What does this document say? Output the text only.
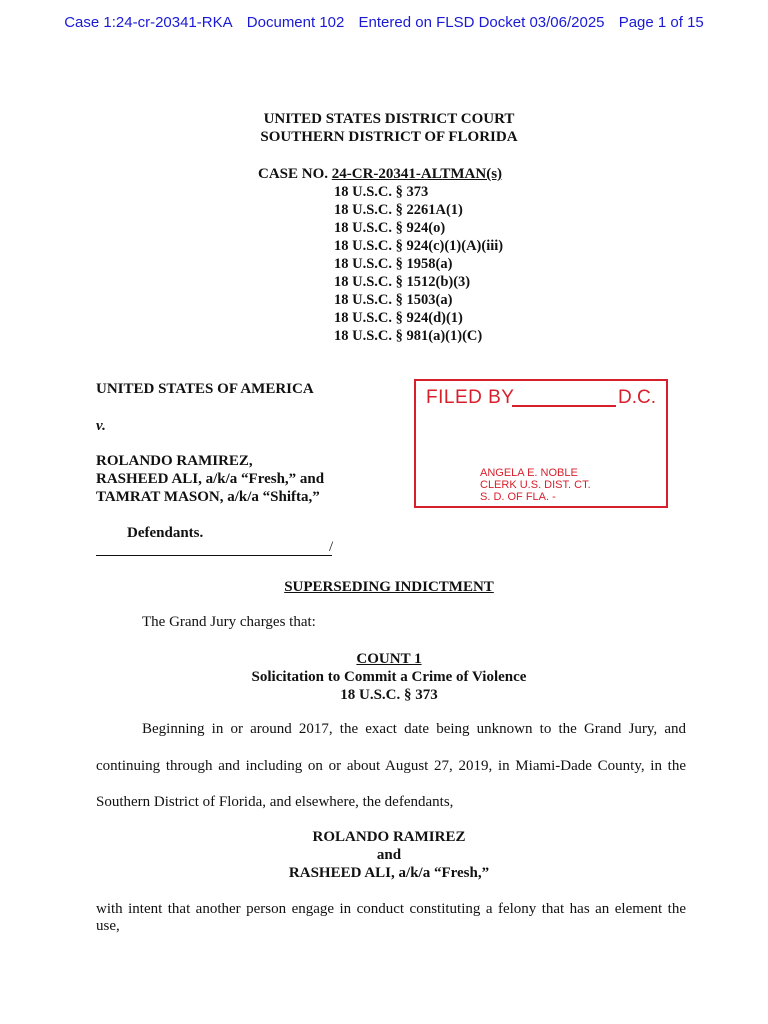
Case 1:24-cr-20341-RKA Document 102 Entered on FLSD Docket 03/06/2025 Page 1 of 15
UNITED STATES DISTRICT COURT
SOUTHERN DISTRICT OF FLORIDA
CASE NO. 24-CR-20341-ALTMAN(s)
18 U.S.C. § 373
18 U.S.C. § 2261A(1)
18 U.S.C. § 924(o)
18 U.S.C. § 924(c)(1)(A)(iii)
18 U.S.C. § 1958(a)
18 U.S.C. § 1512(b)(3)
18 U.S.C. § 1503(a)
18 U.S.C. § 924(d)(1)
18 U.S.C. § 981(a)(1)(C)
UNITED STATES OF AMERICA
v.
ROLANDO RAMIREZ,
RASHEED ALI, a/k/a “Fresh,” and
TAMRAT MASON, a/k/a “Shifta,”
Defendants.
/
FILED BY	D.C.
ANGELA E. NOBLE
CLERK U.S. DIST. CT.
S. D. OF FLA. -
SUPERSEDING INDICTMENT
The Grand Jury charges that:
COUNT 1
Solicitation to Commit a Crime of Violence
18 U.S.C. § 373
Beginning in or around 2017, the exact date being unknown to the Grand Jury, and
continuing through and including on or about August 27, 2019, in Miami-Dade County, in the
Southern District of Florida, and elsewhere, the defendants,
ROLANDO RAMIREZ
and
RASHEED ALI, a/k/a “Fresh,”
with intent that another person engage in conduct constituting a felony that has an element the use,
